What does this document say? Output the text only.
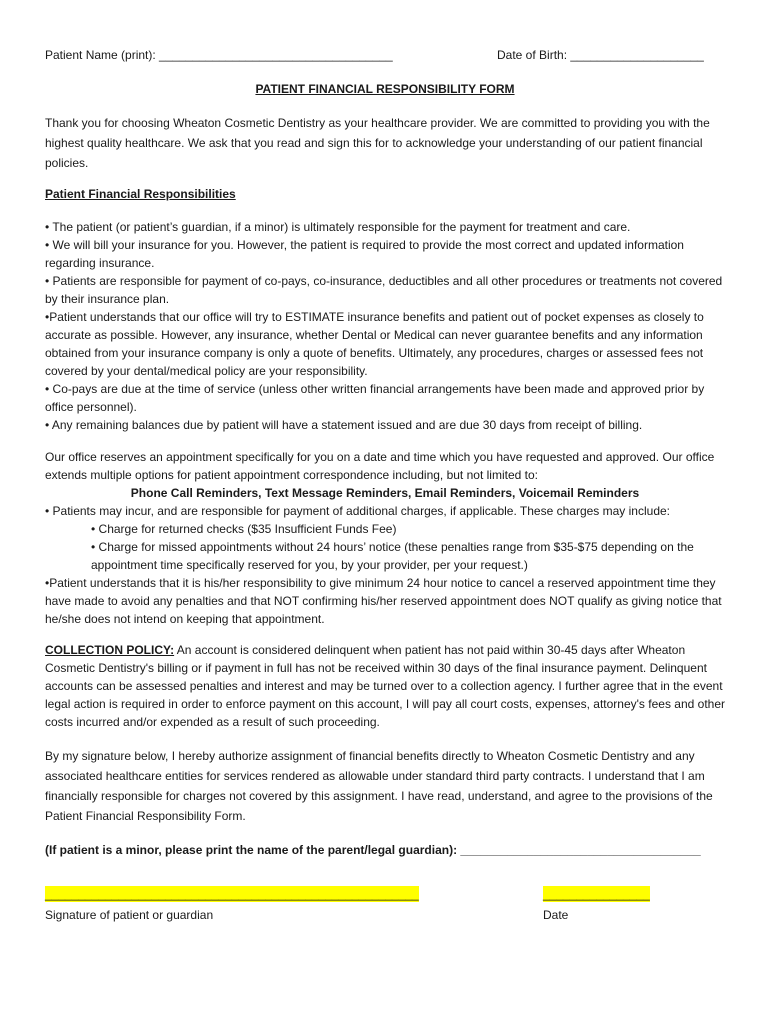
Patient Name (print): ___________________________________	Date of Birth: ____________________
PATIENT FINANCIAL RESPONSIBILITY FORM
Thank you for choosing Wheaton Cosmetic Dentistry as your healthcare provider. We are committed to providing you with the highest quality healthcare. We ask that you read and sign this for to acknowledge your understanding of our patient financial policies.
Patient Financial Responsibilities
• The patient (or patient’s guardian, if a minor) is ultimately responsible for the payment for treatment and care.
• We will bill your insurance for you. However, the patient is required to provide the most correct and updated information regarding insurance.
• Patients are responsible for payment of co-pays, co-insurance, deductibles and all other procedures or treatments not covered by their insurance plan.
•Patient understands that our office will try to ESTIMATE insurance benefits and patient out of pocket expenses as closely to accurate as possible. However, any insurance, whether Dental or Medical can never guarantee benefits and any information obtained from your insurance company is only a quote of benefits. Ultimately, any procedures, charges or assessed fees not covered by your dental/medical policy are your responsibility.
• Co-pays are due at the time of service (unless other written financial arrangements have been made and approved prior by office personnel).
• Any remaining balances due by patient will have a statement issued and are due 30 days from receipt of billing.
Our office reserves an appointment specifically for you on a date and time which you have requested and approved. Our office extends multiple options for patient appointment correspondence including, but not limited to:
Phone Call Reminders, Text Message Reminders, Email Reminders, Voicemail Reminders
• Patients may incur, and are responsible for payment of additional charges, if applicable. These charges may include:
• Charge for returned checks ($35 Insufficient Funds Fee)
• Charge for missed appointments without 24 hours’ notice (these penalties range from $35-$75 depending on the appointment time specifically reserved for you, by your provider, per your request.)
•Patient understands that it is his/her responsibility to give minimum 24 hour notice to cancel a reserved appointment time they have made to avoid any penalties and that NOT confirming his/her reserved appointment does NOT qualify as giving notice that he/she does not intend on keeping that appointment.
COLLECTION POLICY: An account is considered delinquent when patient has not paid within 30-45 days after Wheaton Cosmetic Dentistry's billing or if payment in full has not be received within 30 days of the final insurance payment. Delinquent accounts can be assessed penalties and interest and may be turned over to a collection agency. I further agree that in the event legal action is required in order to enforce payment on this account, I will pay all court costs, expenses, attorney's fees and other costs incurred and/or expended as a result of such proceeding.
By my signature below, I hereby authorize assignment of financial benefits directly to Wheaton Cosmetic Dentistry and any associated healthcare entities for services rendered as allowable under standard third party contracts. I understand that I am financially responsible for charges not covered by this assignment. I have read, understand, and agree to the provisions of the Patient Financial Responsibility Form.
(If patient is a minor, please print the name of the parent/legal guardian): ____________________________________
________________________________________________________
Signature of patient or guardian
________________
Date
